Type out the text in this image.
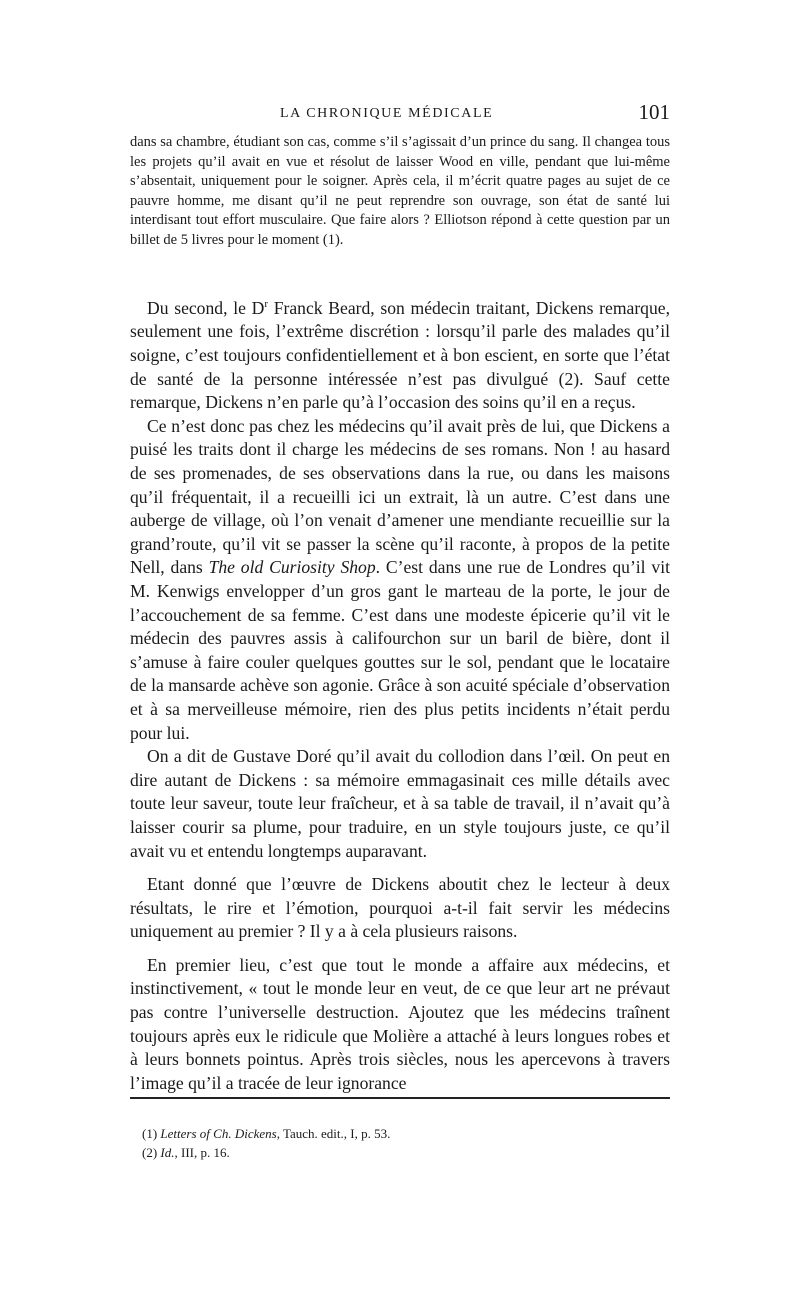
LA CHRONIQUE MÉDICALE	101

dans sa chambre, étudiant son cas, comme s’il s’agissait d’un prince du sang. Il changea tous les projets qu’il avait en vue et résolut de laisser Wood en ville, pendant que lui-même s’absentait, uniquement pour le soigner. Après cela, il m’écrit quatre pages au sujet de ce pauvre homme, me disant qu’il ne peut reprendre son ouvrage, son état de santé lui interdisant tout effort musculaire. Que faire alors ? Elliotson répond à cette question par un billet de 5 livres pour le moment (1).

Du second, le $D^r$ Franck Beard, son médecin traitant, Dickens remarque, seulement une fois, l’extrême discrétion : lorsqu’il parle des malades qu’il soigne, c’est toujours confidentiellement et à bon escient, en sorte que l’état de santé de la personne intéressée n’est pas divulgué (2). Sauf cette remarque, Dickens n’en parle qu’à l’occasion des soins qu’il en a reçus.

Ce n’est donc pas chez les médecins qu’il avait près de lui, que Dickens a puisé les traits dont il charge les médecins de ses romans. Non ! au hasard de ses promenades, de ses observations dans la rue, ou dans les maisons qu’il fréquentait, il a recueilli ici un extrait, là un autre. C’est dans une auberge de village, où l’on venait d’amener une mendiante recueillie sur la grand’route, qu’il vit se passer la scène qu’il raconte, à propos de la petite Nell, dans The old Curiosity Shop. C’est dans une rue de Londres qu’il vit M. Kenwigs envelopper d’un gros gant le marteau de la porte, le jour de l’accouchement de sa femme. C’est dans une modeste épicerie qu’il vit le médecin des pauvres assis à califourchon sur un baril de bière, dont il s’amuse à faire couler quelques gouttes sur le sol, pendant que le locataire de la mansarde achève son agonie. Grâce à son acuité spéciale d’observation et à sa merveilleuse mémoire, rien des plus petits incidents n’était perdu pour lui.

On a dit de Gustave Doré qu’il avait du collodion dans l’œil. On peut en dire autant de Dickens : sa mémoire emmagasinait ces mille détails avec toute leur saveur, toute leur fraîcheur, et à sa table de travail, il n’avait qu’à laisser courir sa plume, pour traduire, en un style toujours juste, ce qu’il avait vu et entendu longtemps auparavant.

Etant donné que l’œuvre de Dickens aboutit chez le lecteur à deux résultats, le rire et l’émotion, pourquoi a-t-il fait servir les médecins uniquement au premier ? Il y a à cela plusieurs raisons.

En premier lieu, c’est que tout le monde a affaire aux médecins, et instinctivement, « tout le monde leur en veut, de ce que leur art ne prévaut pas contre l’universelle destruction. Ajoutez que les médecins traînent toujours après eux le ridicule que Molière a attaché à leurs longues robes et à leurs bonnets pointus. Après trois siècles, nous les apercevons à travers l’image qu’il a tracée de leur ignorance

(1) Letters of Ch. Dickens, Tauch. edit., I, p. 53.

(2) Id., III, p. 16.
